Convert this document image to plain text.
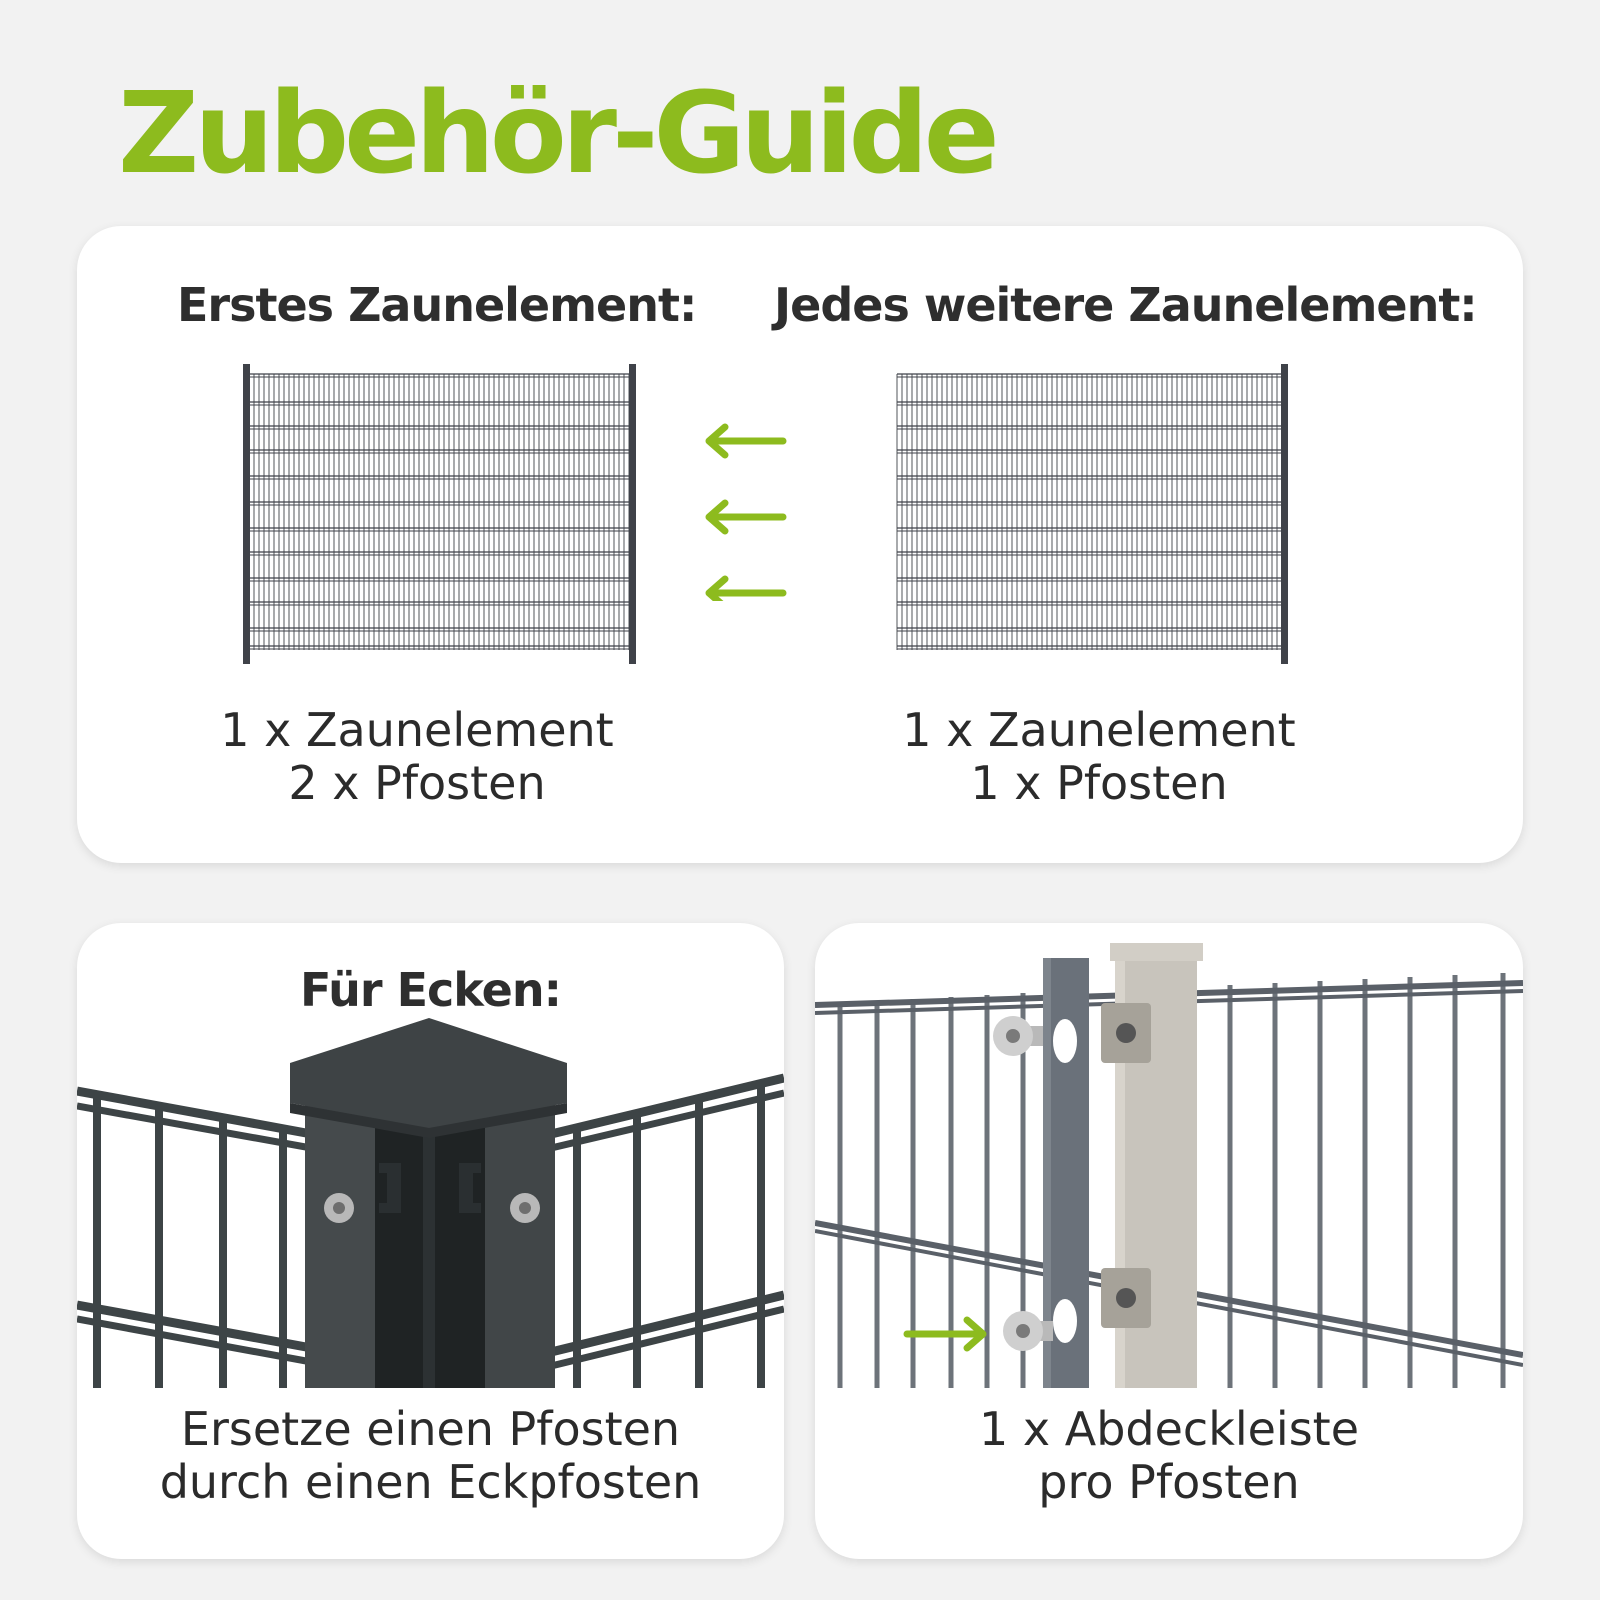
Zubehör-Guide
Erstes Zaunelement: Jedes weitere Zaunelement:
1 x Zaunelement
2 x Pfosten
1 x Zaunelement
1 x Pfosten
Für Ecken:
Ersetze einen Pfosten
durch einen Eckpfosten
1 x Abdeckleiste
pro Pfosten
